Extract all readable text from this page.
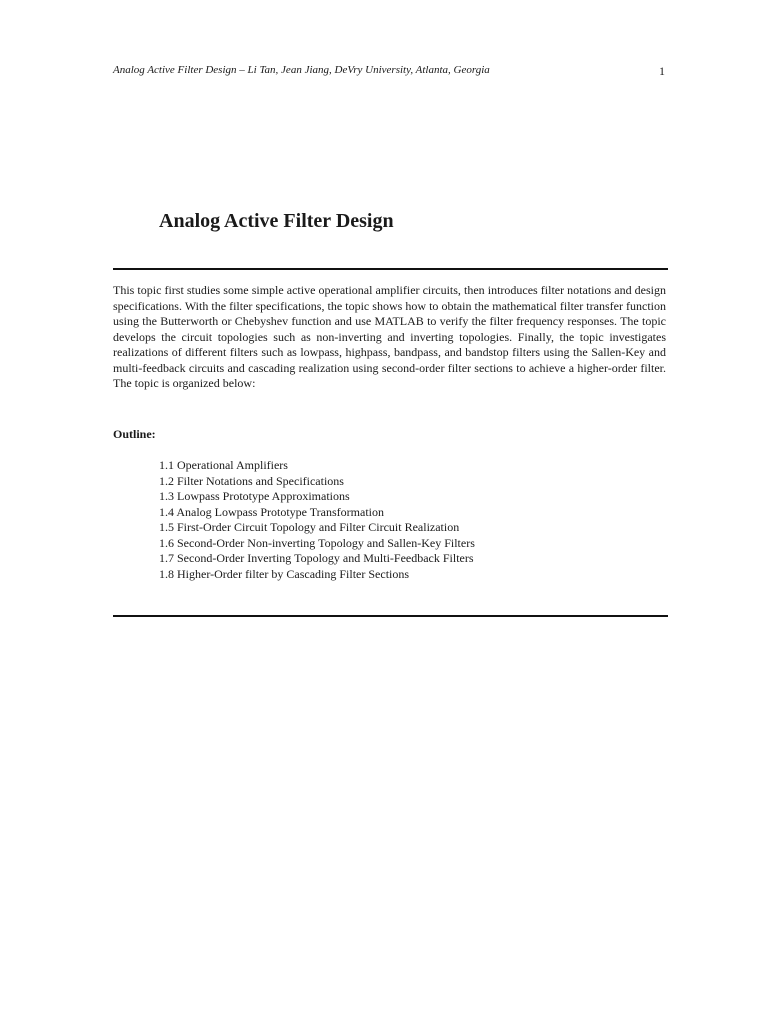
Analog Active Filter Design – Li Tan, Jean Jiang, DeVry University, Atlanta, Georgia	1
Analog Active Filter Design

This topic first studies some simple active operational amplifier circuits, then introduces filter notations and design specifications. With the filter specifications, the topic shows how to obtain the mathematical filter transfer function using the Butterworth or Chebyshev function and use MATLAB to verify the filter frequency responses. The topic develops the circuit topologies such as non-inverting and inverting topologies. Finally, the topic investigates realizations of different filters such as lowpass, highpass, bandpass, and bandstop filters using the Sallen-Key and multi-feedback circuits and cascading realization using second-order filter sections to achieve a higher-order filter. The topic is organized below:

Outline:

1.1 Operational Amplifiers
1.2 Filter Notations and Specifications
1.3 Lowpass Prototype Approximations
1.4 Analog Lowpass Prototype Transformation
1.5 First-Order Circuit Topology and Filter Circuit Realization
1.6 Second-Order Non-inverting Topology and Sallen-Key Filters
1.7 Second-Order Inverting Topology and Multi-Feedback Filters
1.8 Higher-Order filter by Cascading Filter Sections
